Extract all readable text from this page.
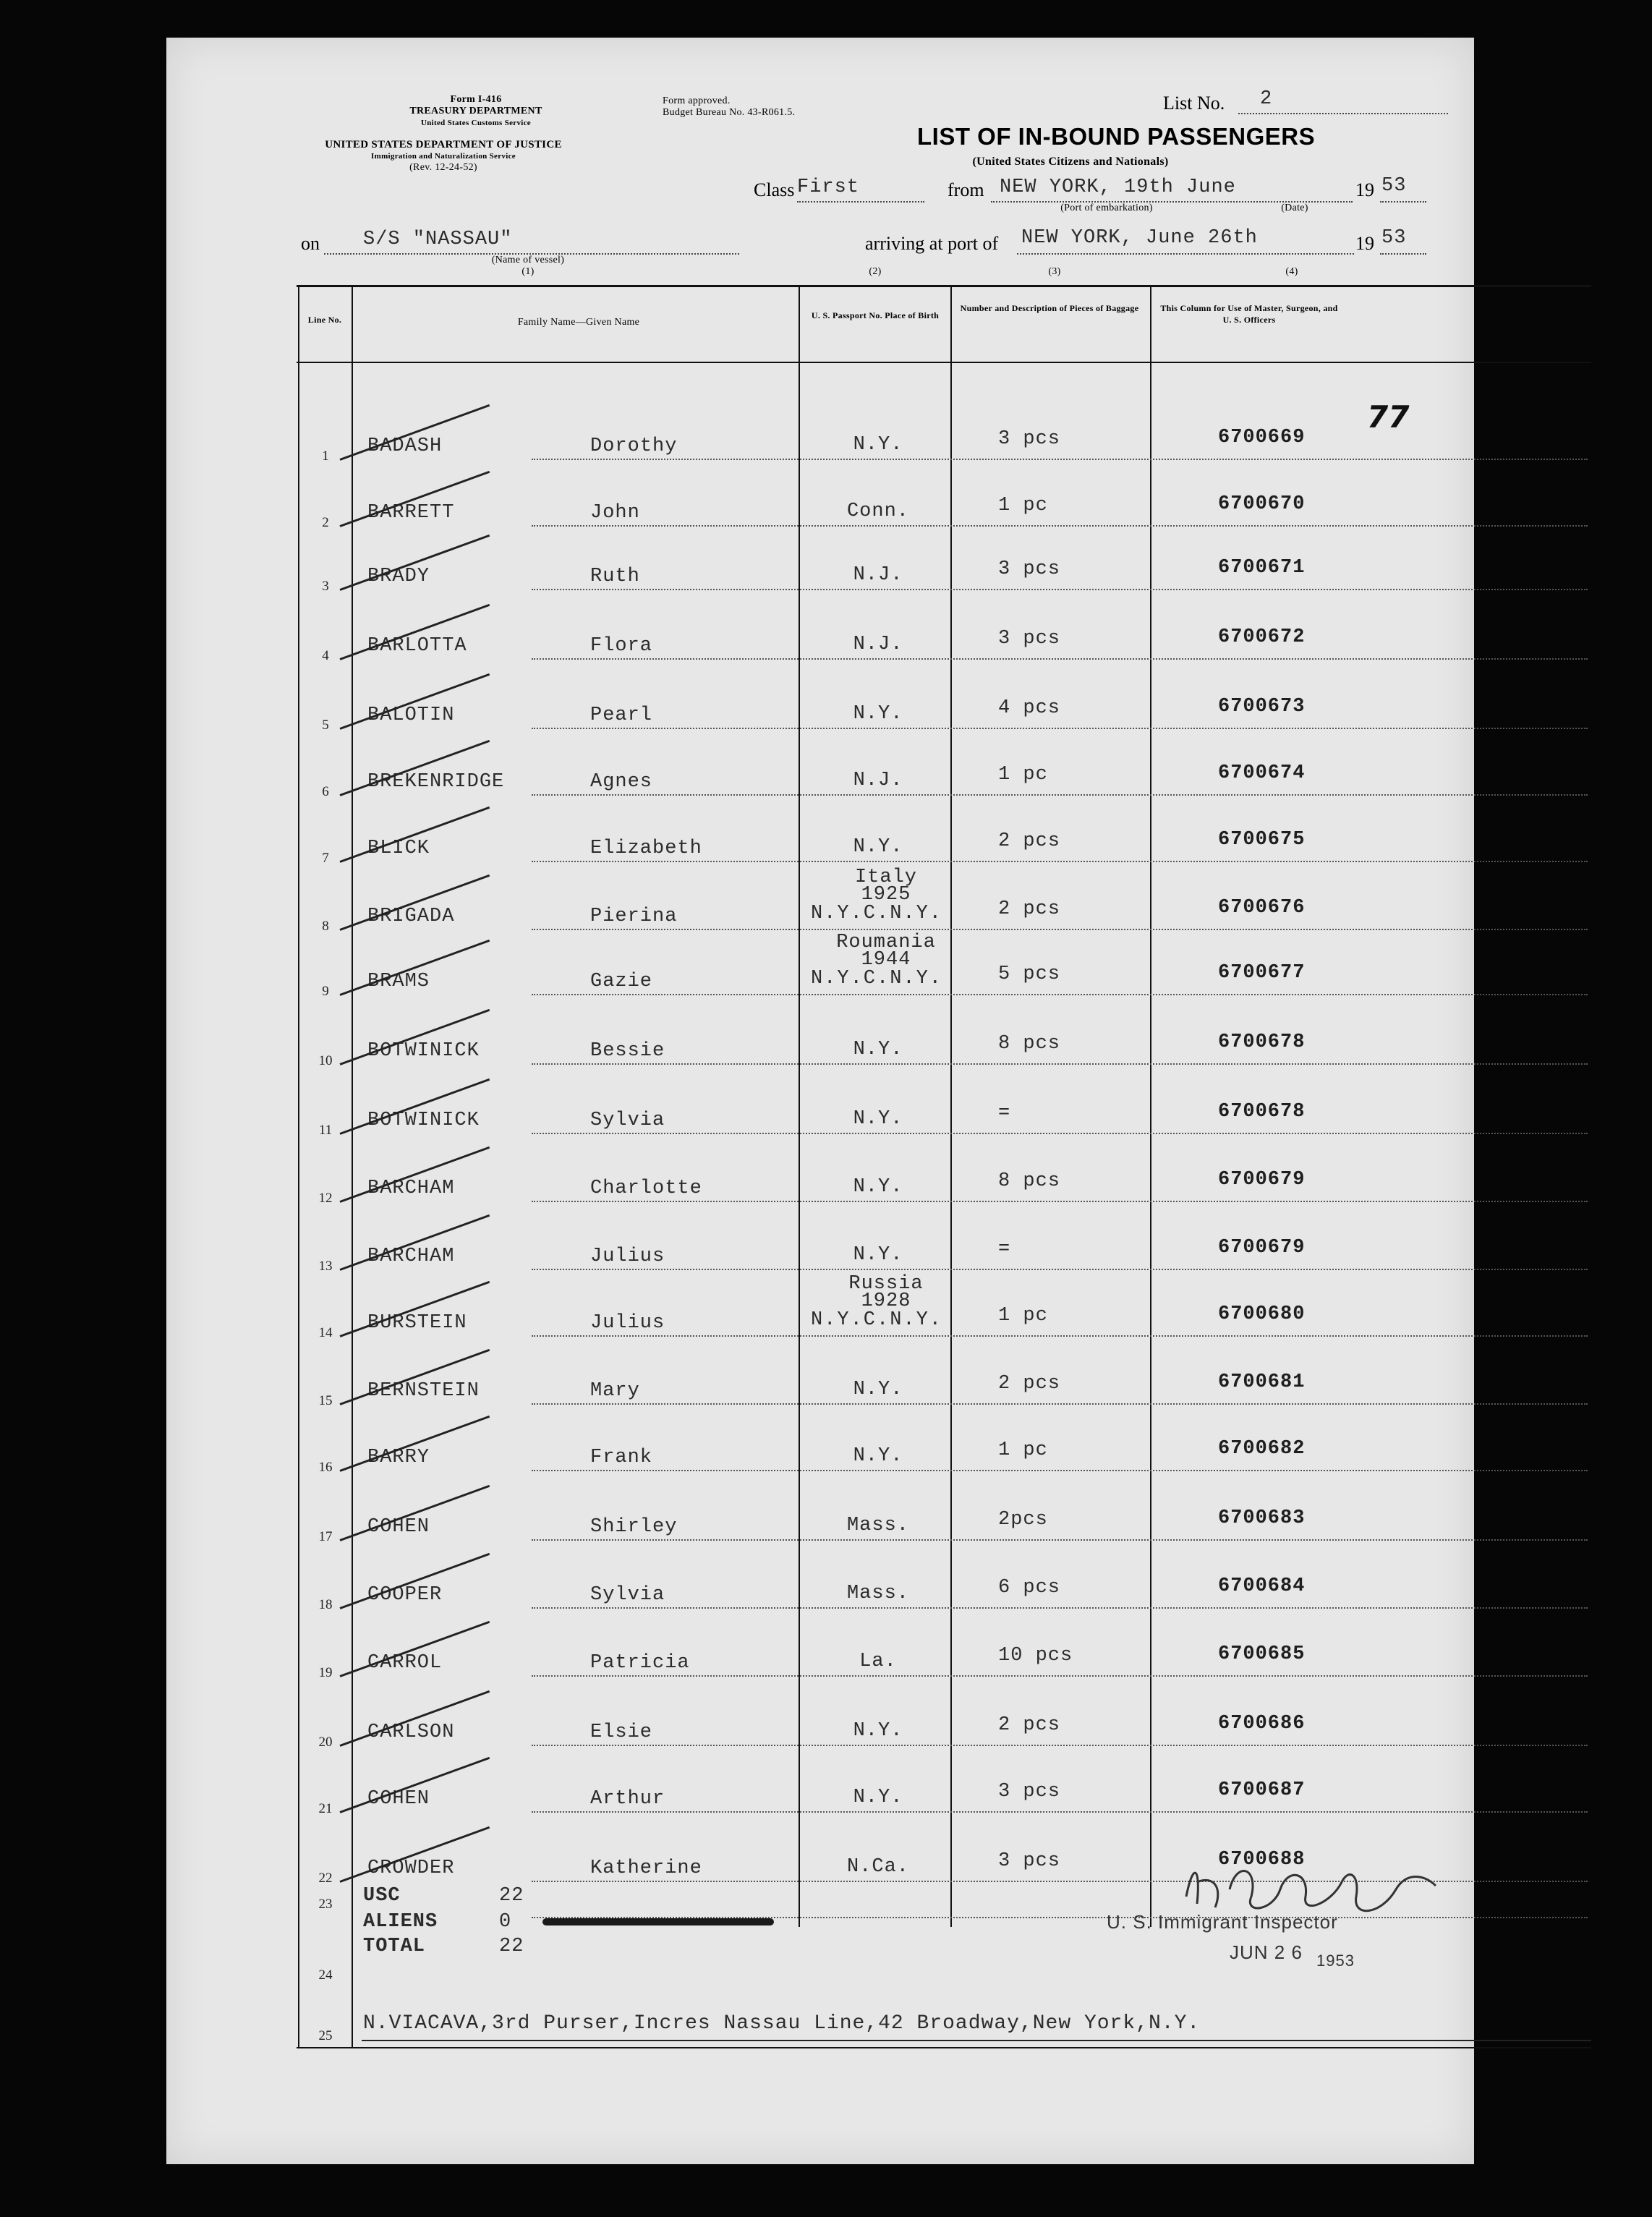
Form I-416
TREASURY DEPARTMENT
United States Customs Service
UNITED STATES DEPARTMENT OF JUSTICE
Immigration and Naturalization Service
(Rev. 12-24-52)
Form approved.
Budget Bureau No. 43-R061.5.	List No. 2
LIST OF IN-BOUND PASSENGERS
(United States Citizens and Nationals)
Class First	from NEW YORK, 19th June
(Port of embarkation)	(Date)
19 53
on S/S "NASSAU"
(Name of vessel)
(1)
arriving at port of NEW YORK, June 26th	19 53
(2)	(3)	(4)
Line No.	Family Name—Given Name
U. S. Passport No. Place of Birth
Number and Description of Pieces of Baggage	This Column for Use of Master, Surgeon, and U. S. Officers
1	BADASH	Dorothy	N.Y.	3 pcs	6700669
2	BARRETT	John	Conn.	1 pc	6700670
3	BRADY	Ruth	N.J.	3 pcs	6700671
4	BARLOTTA	Flora	N.J.	3 pcs	6700672
5	BALOTIN	Pearl	N.Y.	4 pcs	6700673
6	BREKENRIDGE	Agnes	N.J.	1 pc	6700674
7	BLICK	Elizabeth	N.Y.	2 pcs	6700675
8	BRIGADA	Pierina
Italy
1925
N.Y.C.N.Y.	2 pcs	6700676
9	BRAMS	Gazie
Roumania
1944
N.Y.C.N.Y.	5 pcs	6700677
10	BOTWINICK	Bessie	N.Y.	8 pcs	6700678
11	BOTWINICK	Sylvia	N.Y.	=	6700678
12	BARCHAM	Charlotte	N.Y.	8 pcs	6700679
13	BARCHAM	Julius	N.Y.	=	6700679
14	BURSTEIN	Julius
Russia
1928
N.Y.C.N.Y.	1 pc	6700680
15	BERNSTEIN	Mary	N.Y.	2 pcs	6700681
16	BARRY	Frank	N.Y.	1 pc	6700682
17	COHEN	Shirley	Mass.	2pcs	6700683
18	COOPER	Sylvia	Mass.	6 pcs	6700684
19	CARROL	Patricia	La.	10 pcs	6700685
20	CARLSON	Elsie	N.Y.	2 pcs	6700686
21	COHEN	Arthur	N.Y.	3 pcs	6700687
22	CROWDER	Katherine	N.Ca.	3 pcs	6700688
23
24
25
USC	22
ALIENS	0
TOTAL	22
U. S. Immigrant Inspector
JUN 2 6 1953
N.VIACAVA,3rd Purser,Incres Nassau Line,42 Broadway,New York,N.Y.
77
